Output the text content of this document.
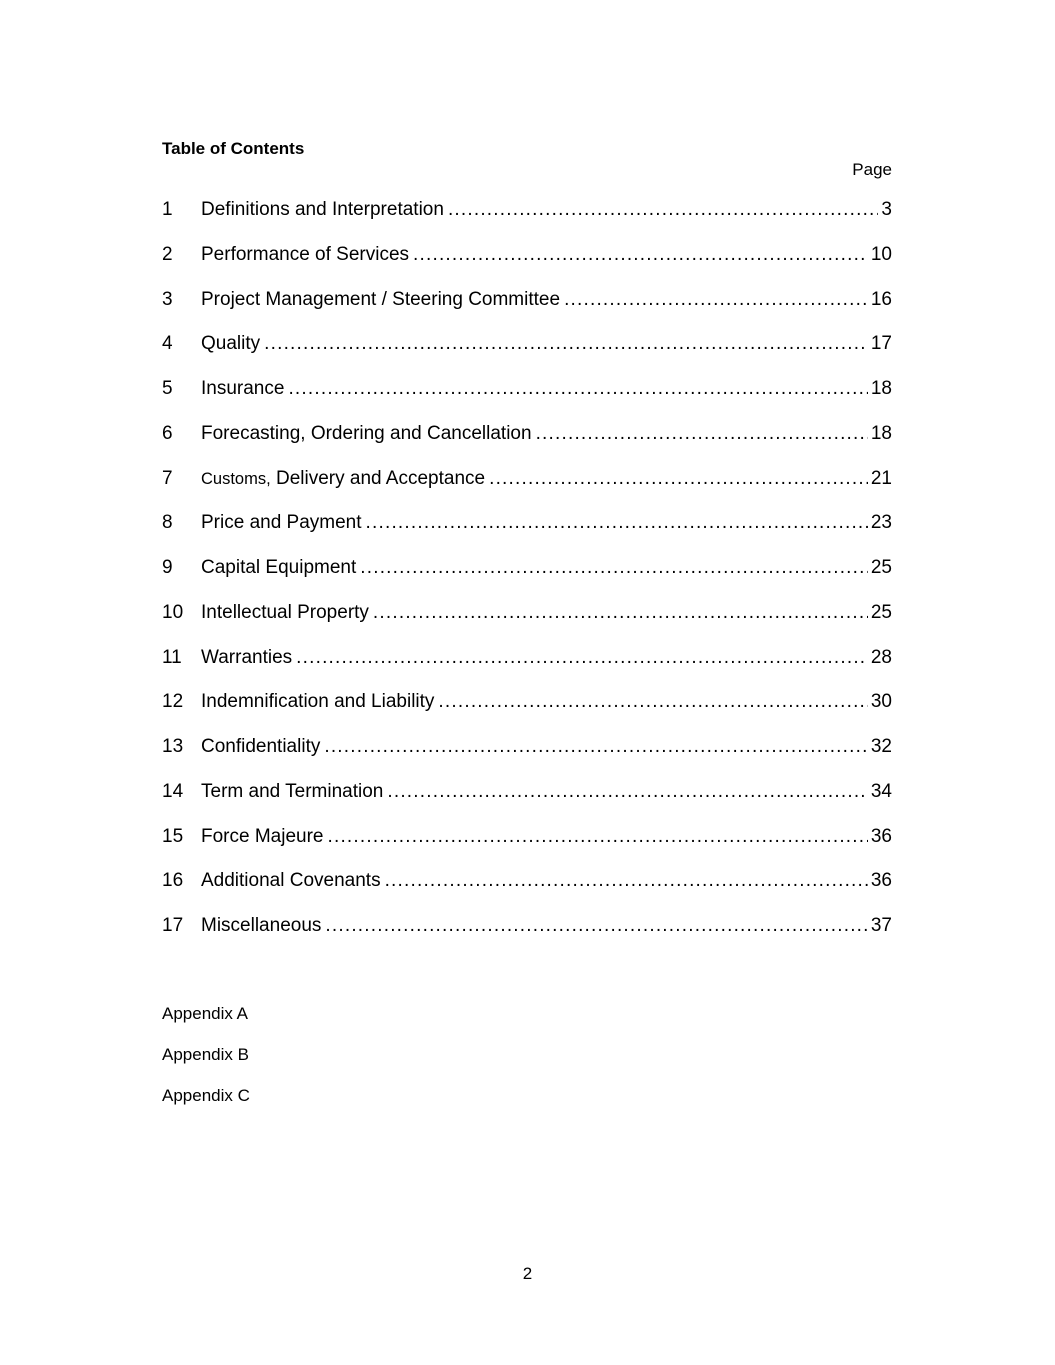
Table of Contents
Page
1	Definitions and Interpretation .....	3
2	Performance of Services .....	10
3	Project Management / Steering Committee .....	16
4	Quality .....	17
5	Insurance .....	18
6	Forecasting, Ordering and Cancellation .....	18
7	Customs, Delivery and Acceptance .....	21
8	Price and Payment .....	23
9	Capital Equipment .....	25
10 Intellectual Property .....	25
11	Warranties .....	28
12 Indemnification and Liability .....	30
13 Confidentiality .....	32
14 Term and Termination .....	34
15 Force Majeure .....	36
16 Additional Covenants .....	36
17 Miscellaneous .....	37
Appendix A
Appendix B
Appendix C
2
